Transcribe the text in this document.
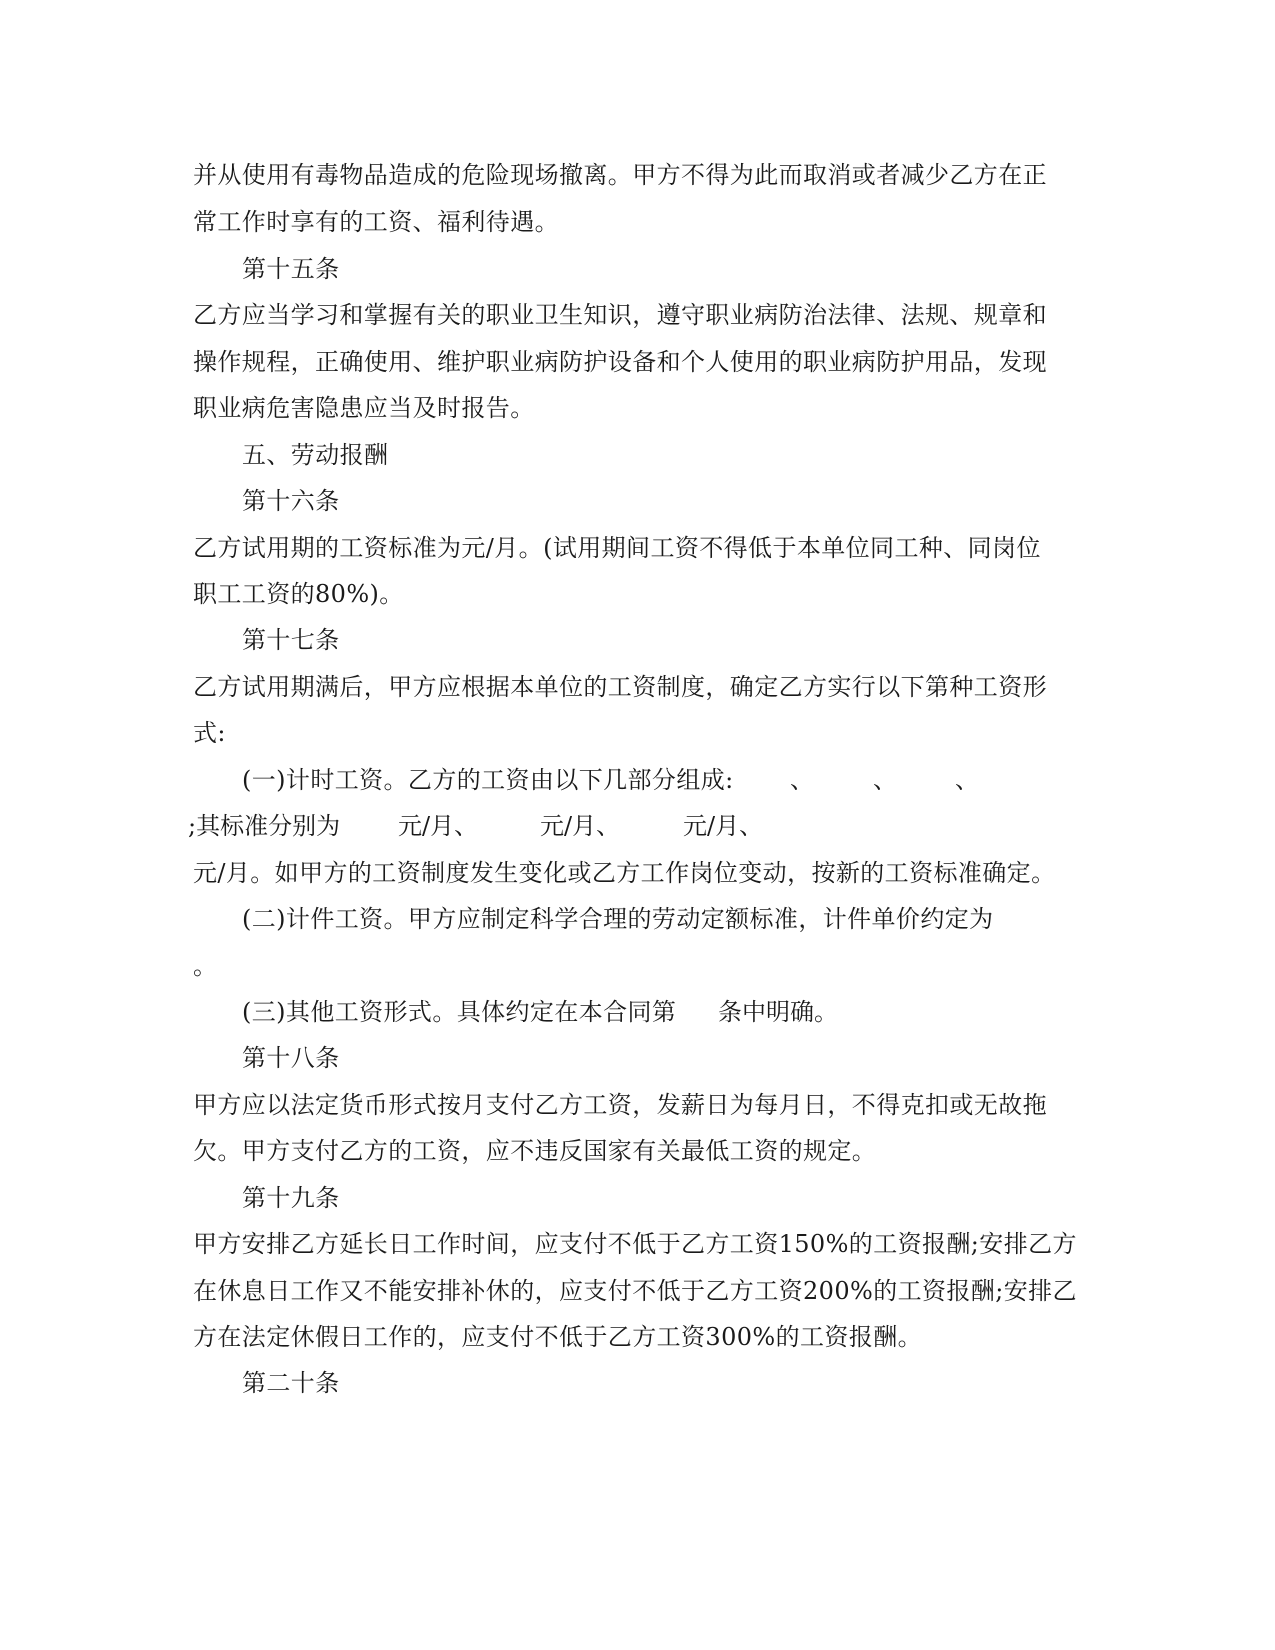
并从使用有毒物品造成的危险现场撤离。甲方不得为此而取消或者减少乙方在正
常工作时享有的工资、福利待遇。
第十五条
乙方应当学习和掌握有关的职业卫生知识，遵守职业病防治法律、法规、规章和
操作规程，正确使用、维护职业病防护设备和个人使用的职业病防护用品，发现
职业病危害隐患应当及时报告。
五、劳动报酬
第十六条
乙方试用期的工资标准为元/月。(试用期间工资不得低于本单位同工种、同岗位
职工工资的80%)。
第十七条
乙方试用期满后，甲方应根据本单位的工资制度，确定乙方实行以下第种工资形
式:
(一)计时工资。乙方的工资由以下几部分组成: 、 、 、
;其标准分别为 元/月、	元/月、	元/月、
元/月。如甲方的工资制度发生变化或乙方工作岗位变动，按新的工资标准确定。
(二)计件工资。甲方应制定科学合理的劳动定额标准，计件单价约定为
。
(三)其他工资形式。具体约定在本合同第 条中明确。
第十八条
甲方应以法定货币形式按月支付乙方工资，发薪日为每月日，不得克扣或无故拖
欠。甲方支付乙方的工资，应不违反国家有关最低工资的规定。
第十九条
甲方安排乙方延长日工作时间，应支付不低于乙方工资150%的工资报酬;安排乙方
在休息日工作又不能安排补休的，应支付不低于乙方工资200%的工资报酬;安排乙
方在法定休假日工作的，应支付不低于乙方工资300%的工资报酬。
第二十条
